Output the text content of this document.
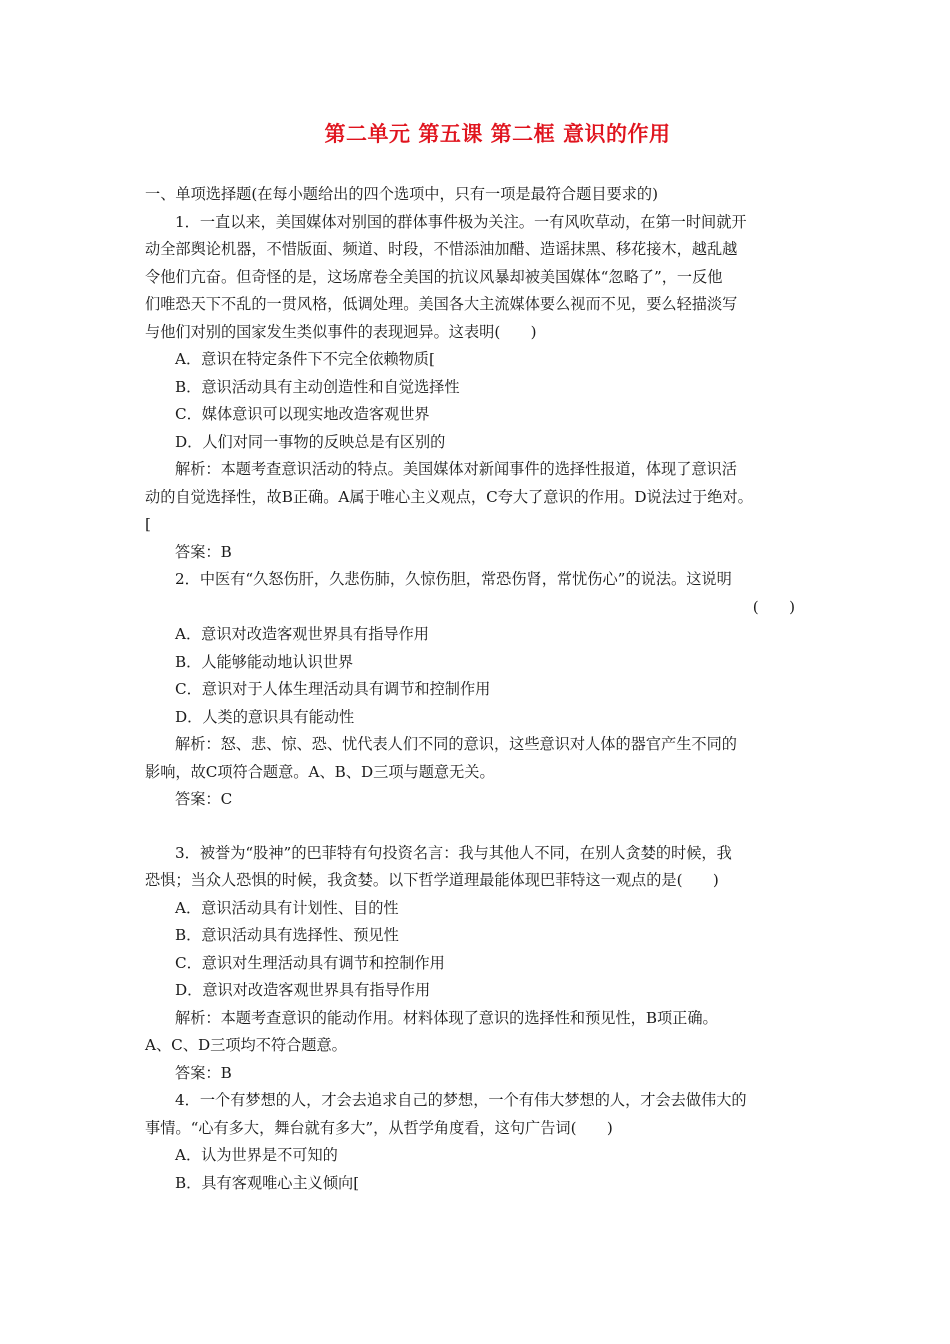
第二单元 第五课 第二框 意识的作用
一、单项选择题(在每小题给出的四个选项中，只有一项是最符合题目要求的)
1．一直以来，美国媒体对别国的群体事件极为关注。一有风吹草动，在第一时间就开
动全部舆论机器，不惜版面、频道、时段，不惜添油加醋、造谣抹黑、移花接木，越乱越
令他们亢奋。但奇怪的是，这场席卷全美国的抗议风暴却被美国媒体“忽略了”，一反他
们唯恐天下不乱的一贯风格，低调处理。美国各大主流媒体要么视而不见，要么轻描淡写
与他们对别的国家发生类似事件的表现迥异。这表明(　　)
A．意识在特定条件下不完全依赖物质[
B．意识活动具有主动创造性和自觉选择性
C．媒体意识可以现实地改造客观世界
D．人们对同一事物的反映总是有区别的
解析：本题考查意识活动的特点。美国媒体对新闻事件的选择性报道，体现了意识活
动的自觉选择性，故B正确。A属于唯心主义观点，C夸大了意识的作用。D说法过于绝对。
[
答案：B
2．中医有“久怒伤肝，久悲伤肺，久惊伤胆，常恐伤肾，常忧伤心”的说法。这说明
(　　)
A．意识对改造客观世界具有指导作用
B．人能够能动地认识世界
C．意识对于人体生理活动具有调节和控制作用
D．人类的意识具有能动性
解析：怒、悲、惊、恐、忧代表人们不同的意识，这些意识对人体的器官产生不同的
影响，故C项符合题意。A、B、D三项与题意无关。
答案：C
3．被誉为“股神”的巴菲特有句投资名言：我与其他人不同，在别人贪婪的时候，我
恐惧；当众人恐惧的时候，我贪婪。以下哲学道理最能体现巴菲特这一观点的是(　　)
A．意识活动具有计划性、目的性
B．意识活动具有选择性、预见性
C．意识对生理活动具有调节和控制作用
D．意识对改造客观世界具有指导作用
解析：本题考查意识的能动作用。材料体现了意识的选择性和预见性，B项正确。
A、C、D三项均不符合题意。
答案：B
4．一个有梦想的人，才会去追求自己的梦想，一个有伟大梦想的人，才会去做伟大的
事情。“心有多大，舞台就有多大”，从哲学角度看，这句广告词(　　)
A．认为世界是不可知的
B．具有客观唯心主义倾向[
